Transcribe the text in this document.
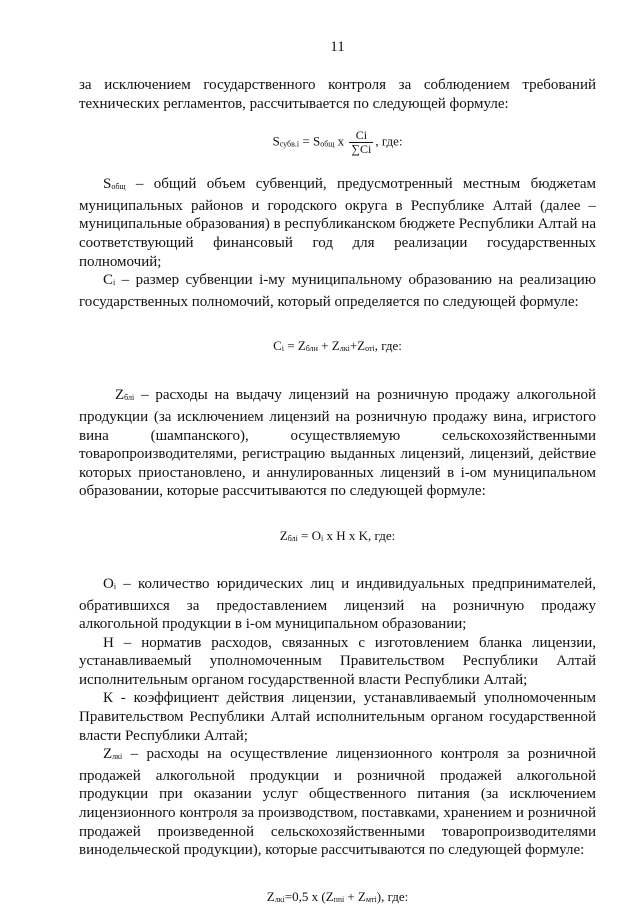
11

за исключением государственного контроля за соблюдением требований технических регламентов, рассчитывается по следующей формуле:

$S_{субв.i} = S_{общ}$ x $\frac{Ci}{\sum Ci}$ , где:

$S_{общ}$ – общий объем субвенций, предусмотренный местным бюджетам муниципальных районов и городского округа в Республике Алтай (далее – муниципальные образования) в республиканском бюджете Республики Алтай на соответствующий финансовый год для реализации государственных полномочий;

$C_i$ – размер субвенции i-му муниципальному образованию на реализацию государственных полномочий, который определяется по следующей формуле:

$C_i = Z_{бли} + Z_{лкi}+Z_{отi}$, где:

$Z_{блі}$ – расходы на выдачу лицензий на розничную продажу алкогольной продукции (за исключением лицензий на розничную продажу вина, игристого вина (шампанского), осуществляемую сельскохозяйственными товаропроизводителями, регистрацию выданных лицензий, лицензий, действие которых приостановлено, и аннулированных лицензий в i-ом муниципальном образовании, которые рассчитываются по следующей формуле:

$Z_{блі} = O_i$ x H x K, где:

$O_i$ – количество юридических лиц и индивидуальных предпринимателей, обратившихся за предоставлением лицензий на розничную продажу алкогольной продукции в i-ом муниципальном образовании;

Н – норматив расходов, связанных с изготовлением бланка лицензии, устанавливаемый уполномоченным Правительством Республики Алтай исполнительным органом государственной власти Республики Алтай;

К - коэффициент действия лицензии, устанавливаемый уполномоченным Правительством Республики Алтай исполнительным органом государственной власти Республики Алтай;

$Z_{лкі}$ – расходы на осуществление лицензионного контроля за розничной продажей алкогольной продукции и розничной продажей алкогольной продукции при оказании услуг общественного питания (за исключением лицензионного контроля за производством, поставками, хранением и розничной продажей произведенной сельскохозяйственными товаропроизводителями винодельческой продукции), которые рассчитываются по следующей формуле:

$Z_{лкi}=0,5$ x $(Z_{пnі} + Z_{мтi})$, где:
